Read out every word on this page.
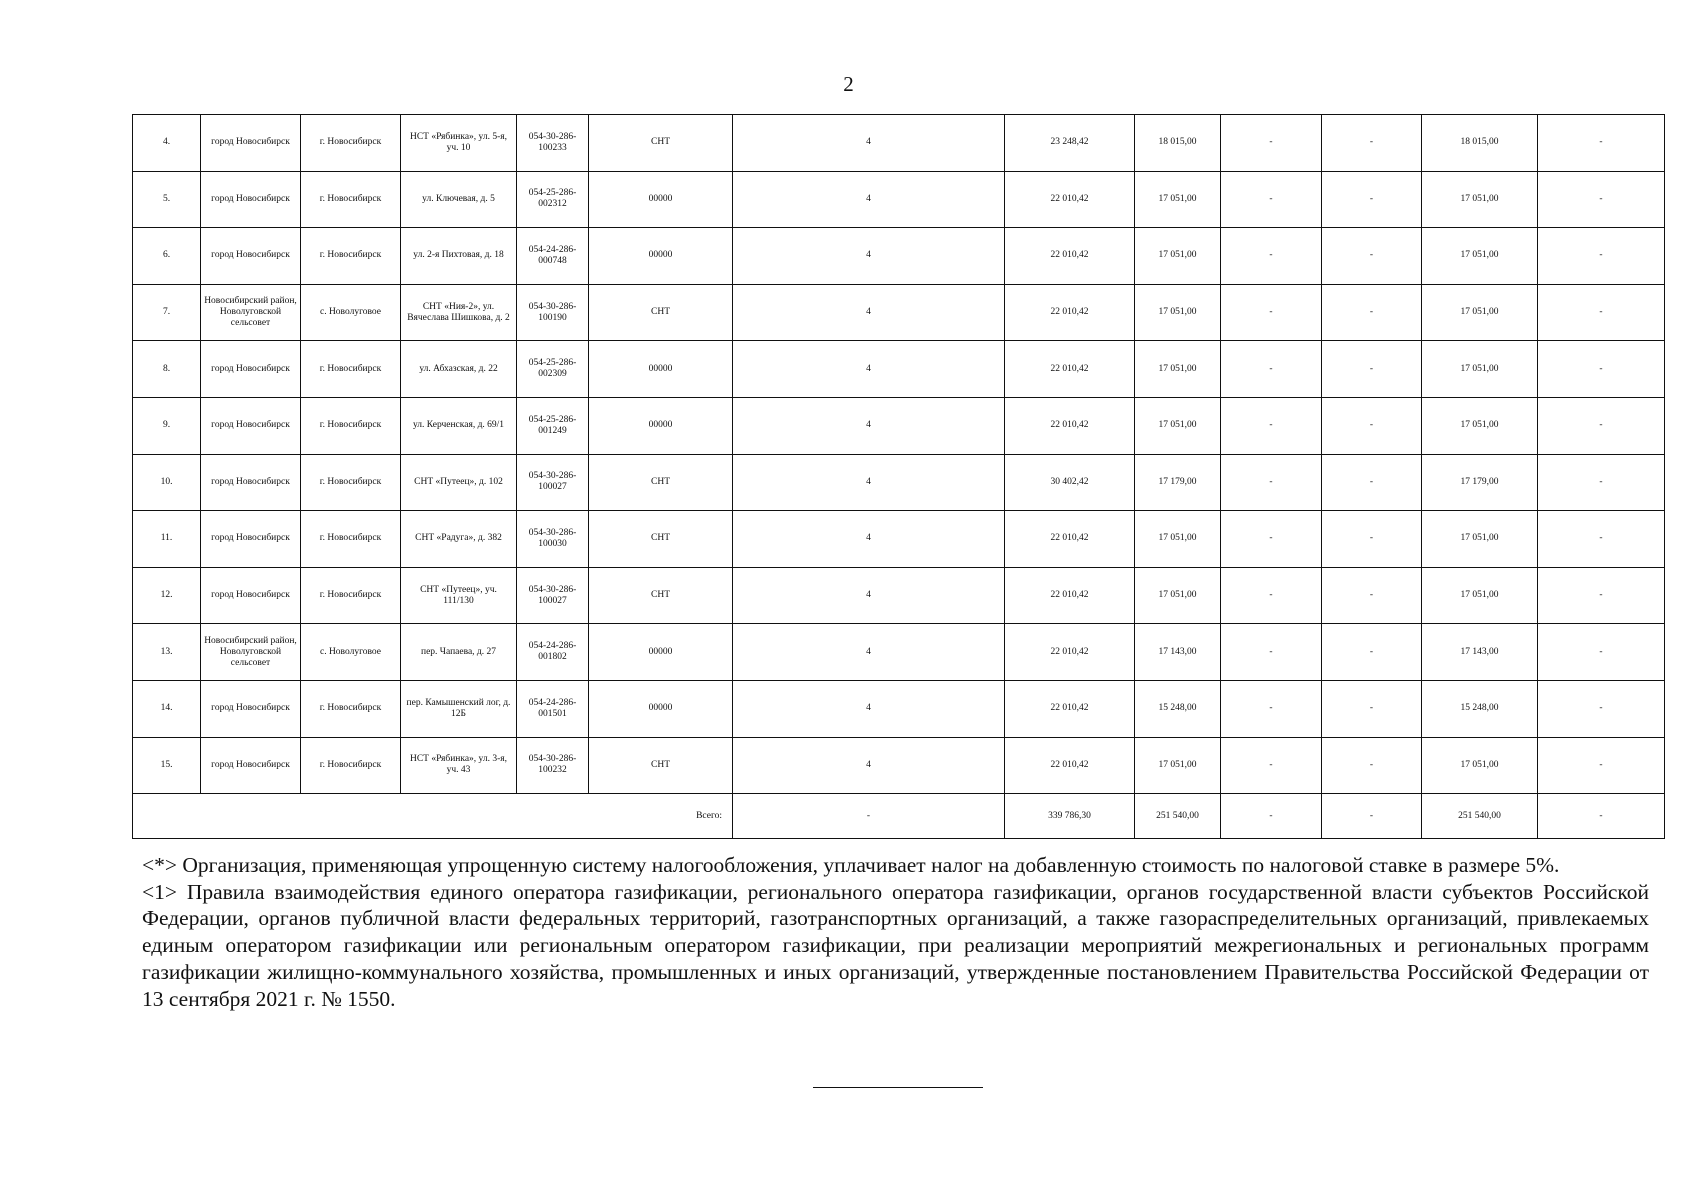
2
4.	город Новосибирск	г. Новосибирск	НСТ «Рябинка», ул. 5-я, уч. 10	054-30-286-100233	СНТ	4	23 248,42	18 015,00	-	-	18 015,00	-
5.	город Новосибирск	г. Новосибирск	ул. Ключевая, д. 5	054-25-286-002312	00000	4	22 010,42	17 051,00	-	-	17 051,00	-
6.	город Новосибирск	г. Новосибирск	ул. 2-я Пихтовая, д. 18	054-24-286-000748	00000	4	22 010,42	17 051,00	-	-	17 051,00	-
7.	Новосибирский район, Новолуговской сельсовет	с. Новолуговое	СНТ «Ния-2», ул. Вячеслава Шишкова, д. 2	054-30-286-100190	СНТ	4	22 010,42	17 051,00	-	-	17 051,00	-
8.	город Новосибирск	г. Новосибирск	ул. Абхазская, д. 22	054-25-286-002309	00000	4	22 010,42	17 051,00	-	-	17 051,00	-
9.	город Новосибирск	г. Новосибирск	ул. Керченская, д. 69/1	054-25-286-001249	00000	4	22 010,42	17 051,00	-	-	17 051,00	-
10.	город Новосибирск	г. Новосибирск	СНТ «Путеец», д. 102	054-30-286-100027	СНТ	4	30 402,42	17 179,00	-	-	17 179,00	-
11.	город Новосибирск	г. Новосибирск	СНТ «Радуга», д. 382	054-30-286-100030	СНТ	4	22 010,42	17 051,00	-	-	17 051,00	-
12.	город Новосибирск	г. Новосибирск	СНТ «Путеец», уч. 111/130	054-30-286-100027	СНТ	4	22 010,42	17 051,00	-	-	17 051,00	-
13.	Новосибирский район, Новолуговской сельсовет	с. Новолуговое	пер. Чапаева, д. 27	054-24-286-001802	00000	4	22 010,42	17 143,00	-	-	17 143,00	-
14.	город Новосибирск	г. Новосибирск	пер. Камышенский лог, д. 12Б	054-24-286-001501	00000	4	22 010,42	15 248,00	-	-	15 248,00	-
15.	город Новосибирск	г. Новосибирск	НСТ «Рябинка», ул. 3-я, уч. 43	054-30-286-100232	СНТ	4	22 010,42	17 051,00	-	-	17 051,00	-
Всего:						-	339 786,30	251 540,00	-	-	251 540,00	-

<*> Организация, применяющая упрощенную систему налогообложения, уплачивает налог на добавленную стоимость по налоговой ставке в размере 5%.

<1> Правила взаимодействия единого оператора газификации, регионального оператора газификации, органов государственной власти субъектов Российской Федерации, органов публичной власти федеральных территорий, газотранспортных организаций, а также газораспределительных организаций, привлекаемых единым оператором газификации или региональным оператором газификации, при реализации мероприятий межрегиональных и региональных программ газификации жилищно-коммунального хозяйства, промышленных и иных организаций, утвержденные постановлением Правительства Российской Федерации от 13 сентября 2021 г. № 1550.
